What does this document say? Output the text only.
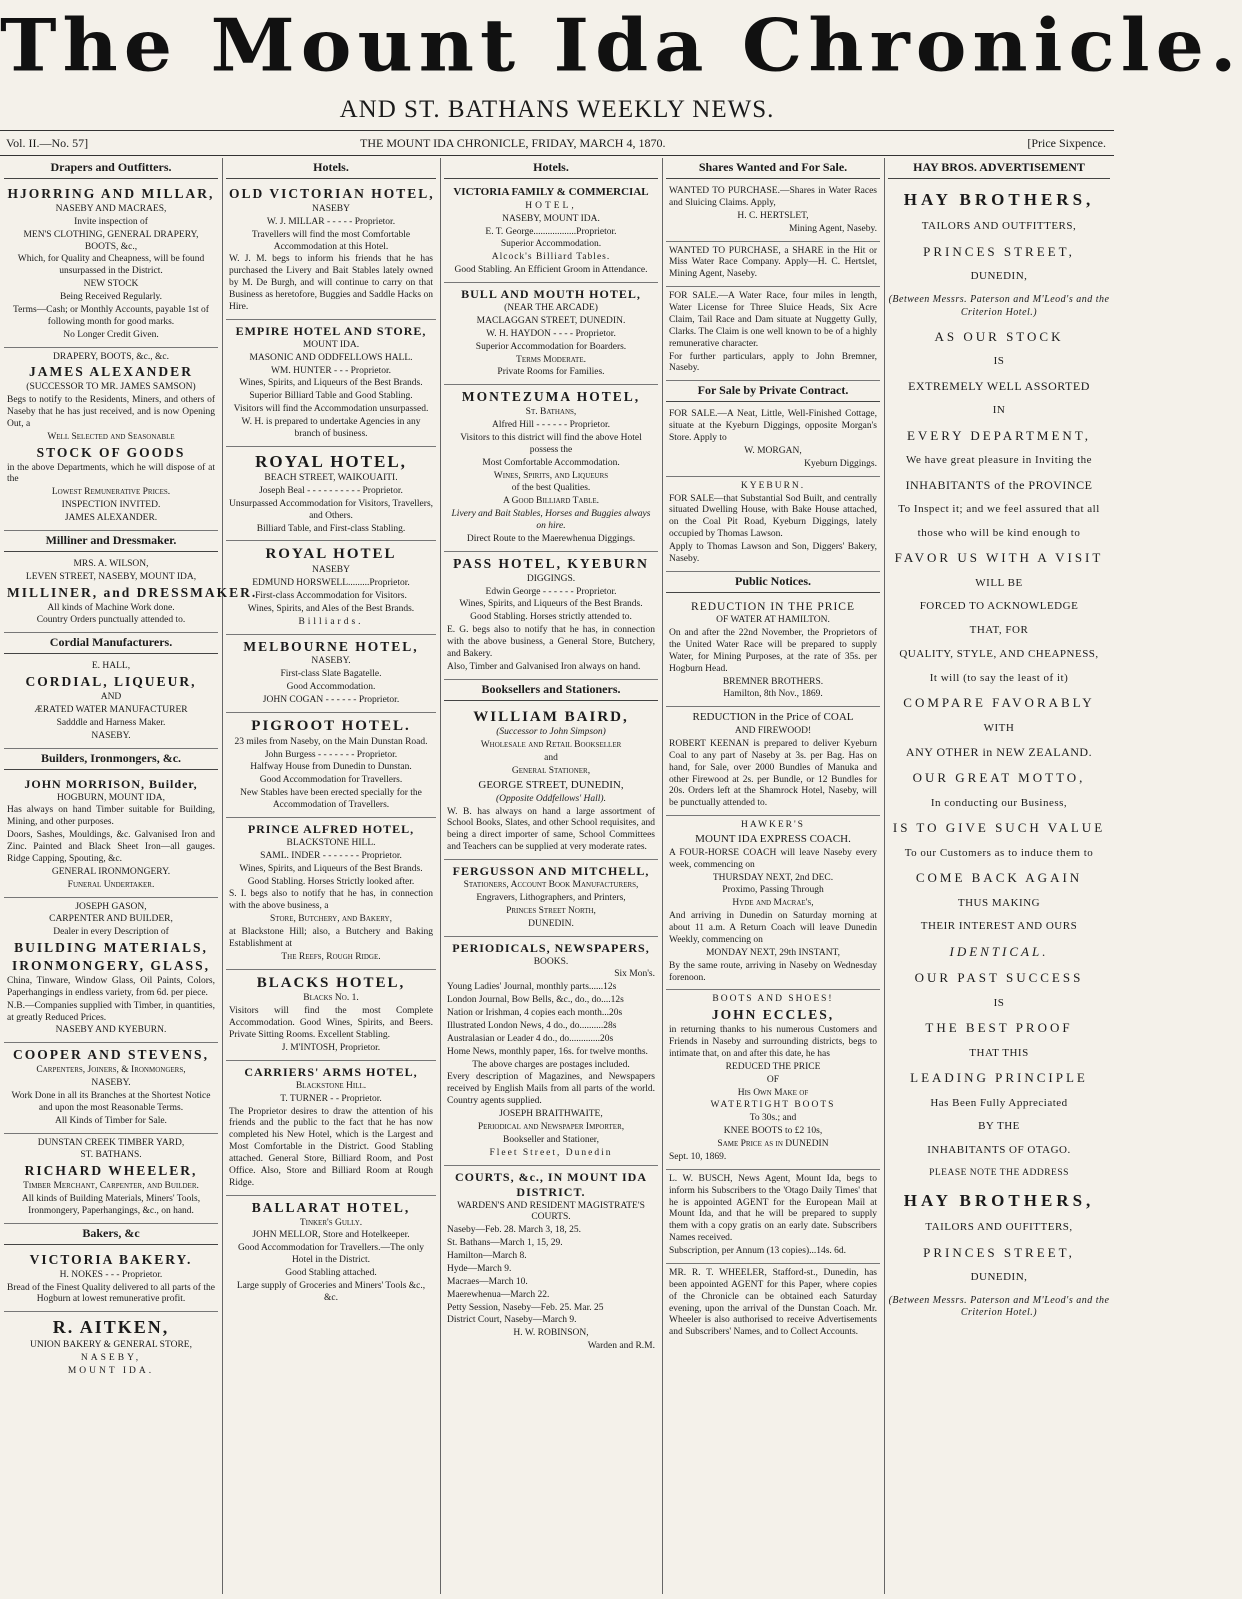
The Mount Ida Chronicle.
AND ST. BATHANS WEEKLY NEWS.
Vol. II.—No. 57]	THE MOUNT IDA CHRONICLE, FRIDAY, MARCH 4, 1870.	[Price Sixpence.
Drapers and Outfitters.

HJORRING AND MILLAR,

NASEBY AND MACRAES,

Invite inspection of

MEN'S CLOTHING, GENERAL DRAPERY, BOOTS, &c.,

Which, for Quality and Cheapness, will be found unsurpassed in the District.

NEW STOCK

Being Received Regularly.

Terms—Cash; or Monthly Accounts, payable 1st of following month for good marks.

No Longer Credit Given.

DRAPERY, BOOTS, &c., &c.

JAMES ALEXANDER

(SUCCESSOR TO MR. JAMES SAMSON)

Begs to notify to the Residents, Miners, and others of Naseby that he has just received, and is now Opening Out, a

Well Selected and Seasonable

STOCK OF GOODS

in the above Departments, which he will dispose of at the

Lowest Remunerative Prices.

INSPECTION INVITED.

JAMES ALEXANDER.

Milliner and Dressmaker.

MRS. A. WILSON,

LEVEN STREET, NASEBY, MOUNT IDA,

MILLINER, and DRESSMAKER.

All kinds of Machine Work done.

Country Orders punctually attended to.

Cordial Manufacturers.

E. HALL,

CORDIAL, LIQUEUR,

AND

ÆRATED WATER MANUFACTURER

Sadddle and Harness Maker.

NASEBY.

Builders, Ironmongers, &c.

JOHN MORRISON, Builder,

HOGBURN, MOUNT IDA,

Has always on hand Timber suitable for Building, Mining, and other purposes.

Doors, Sashes, Mouldings, &c. Galvanised Iron and Zinc. Painted and Black Sheet Iron—all gauges. Ridge Capping, Spouting, &c.

GENERAL IRONMONGERY.

Funeral Undertaker.

JOSEPH GASON,

CARPENTER AND BUILDER,

Dealer in every Description of

BUILDING MATERIALS,

IRONMONGERY, GLASS,

China, Tinware, Window Glass, Oil Paints, Colors, Paperhangings in endless variety, from 6d. per piece.

N.B.—Companies supplied with Timber, in quantities, at greatly Reduced Prices.

NASEBY AND KYEBURN.

COOPER AND STEVENS,

Carpenters, Joiners, & Ironmongers,

NASEBY.

Work Done in all its Branches at the Shortest Notice and upon the most Reasonable Terms.

All Kinds of Timber for Sale.

DUNSTAN CREEK TIMBER YARD,

ST. BATHANS.

RICHARD WHEELER,

Timber Merchant, Carpenter, and Builder.

All kinds of Building Materials, Miners' Tools, Ironmongery, Paperhangings, &c., on hand.

Bakers, &c

VICTORIA BAKERY.

H. NOKES - - - Proprietor.

Bread of the Finest Quality delivered to all parts of the Hogburn at lowest remunerative profit.

R. AITKEN,

UNION BAKERY & GENERAL STORE,

NASEBY,

MOUNT IDA.

Hotels.

OLD VICTORIAN HOTEL,

NASEBY

W. J. MILLAR - - - - - Proprietor.

Travellers will find the most Comfortable Accommodation at this Hotel.

W. J. M. begs to inform his friends that he has purchased the Livery and Bait Stables lately owned by M. De Burgh, and will continue to carry on that Business as heretofore, Buggies and Saddle Hacks on Hire.

EMPIRE HOTEL AND STORE,

MOUNT IDA.

MASONIC AND ODDFELLOWS HALL.

WM. HUNTER - - - Proprietor.

Wines, Spirits, and Liqueurs of the Best Brands.

Superior Billiard Table and Good Stabling.

Visitors will find the Accommodation unsurpassed.

W. H. is prepared to undertake Agencies in any branch of business.

ROYAL HOTEL,

BEACH STREET, WAIKOUAITI.

Joseph Beal - - - - - - - - - - Proprietor.

Unsurpassed Accommodation for Visitors, Travellers, and Others.

Billiard Table, and First-class Stabling.

ROYAL HOTEL

NASEBY

EDMUND HORSWELL.........Proprietor.

First-class Accommodation for Visitors.

Wines, Spirits, and Ales of the Best Brands.

Billiards.

MELBOURNE HOTEL,

NASEBY.

First-class Slate Bagatelle.

Good Accommodation.

JOHN COGAN - - - - - - Proprietor.

PIGROOT HOTEL.

23 miles from Naseby, on the Main Dunstan Road.

John Burgess - - - - - - - Proprietor.

Halfway House from Dunedin to Dunstan.

Good Accommodation for Travellers.

New Stables have been erected specially for the Accommodation of Travellers.

PRINCE ALFRED HOTEL,

BLACKSTONE HILL.

SAML. INDER - - - - - - - Proprietor.

Wines, Spirits, and Liqueurs of the Best Brands.

Good Stabling. Horses Strictly looked after.

S. I. begs also to notify that he has, in connection with the above business, a

Store, Butchery, and Bakery,

at Blackstone Hill; also, a Butchery and Baking Establishment at

The Reefs, Rough Ridge.

BLACKS HOTEL,

Blacks No. 1.

Visitors will find the most Complete Accommodation. Good Wines, Spirits, and Beers. Private Sitting Rooms. Excellent Stabling.

J. M'INTOSH, Proprietor.

CARRIERS' ARMS HOTEL,

Blackstone Hill.

T. TURNER - - Proprietor.

The Proprietor desires to draw the attention of his friends and the public to the fact that he has now completed his New Hotel, which is the Largest and Most Comfortable in the District. Good Stabling attached. General Store, Billiard Room, and Post Office. Also, Store and Billiard Room at Rough Ridge.

BALLARAT HOTEL,

Tinker's Gully.

JOHN MELLOR, Store and Hotelkeeper.

Good Accommodation for Travellers.—The only Hotel in the District.

Good Stabling attached.

Large supply of Groceries and Miners' Tools &c., &c.

Hotels.

VICTORIA FAMILY & COMMERCIAL

HOTEL,

NASEBY, MOUNT IDA.

E. T. George..................Proprietor.

Superior Accommodation.

Alcock's Billiard Tables.

Good Stabling. An Efficient Groom in Attendance.

BULL AND MOUTH HOTEL,

(NEAR THE ARCADE)

MACLAGGAN STREET, DUNEDIN.

W. H. HAYDON - - - - Proprietor.

Superior Accommodation for Boarders.

Terms Moderate.

Private Rooms for Families.

MONTEZUMA HOTEL,

St. Bathans,

Alfred Hill - - - - - - Proprietor.

Visitors to this district will find the above Hotel possess the

Most Comfortable Accommodation.

Wines, Spirits, and Liqueurs

of the best Qualities.

A Good Billiard Table.

Livery and Bait Stables, Horses and Buggies always on hire.

Direct Route to the Maerewhenua Diggings.

PASS HOTEL, KYEBURN

DIGGINGS.

Edwin George - - - - - - Proprietor.

Wines, Spirits, and Liqueurs of the Best Brands.

Good Stabling. Horses strictly attended to.

E. G. begs also to notify that he has, in connection with the above business, a General Store, Butchery, and Bakery.

Also, Timber and Galvanised Iron always on hand.

Booksellers and Stationers.

WILLIAM BAIRD,

(Successor to John Simpson)

Wholesale and Retail Bookseller

and

General Stationer,

GEORGE STREET, DUNEDIN,

(Opposite Oddfellows' Hall).

W. B. has always on hand a large assortment of School Books, Slates, and other School requisites, and being a direct importer of same, School Committees and Teachers can be supplied at very moderate rates.

FERGUSSON AND MITCHELL,

Stationers, Account Book Manufacturers,

Engravers, Lithographers, and Printers,

Princes Street North,

DUNEDIN.

PERIODICALS, NEWSPAPERS,

BOOKS.

Six Mon's.

Young Ladies' Journal, monthly parts......12s

London Journal, Bow Bells, &c., do., do....12s

Nation or Irishman, 4 copies each month...20s

Illustrated London News, 4 do., do..........28s

Australasian or Leader 4 do., do.............20s

Home News, monthly paper, 16s. for twelve months.

The above charges are postages included.

Every description of Magazines, and Newspapers received by English Mails from all parts of the world. Country agents supplied.

JOSEPH BRAITHWAITE,

Periodical and Newspaper Importer,

Bookseller and Stationer,

Fleet Street, Dunedin

COURTS, &c., IN MOUNT IDA DISTRICT.

WARDEN'S AND RESIDENT MAGISTRATE'S COURTS.

Naseby—Feb. 28. March 3, 18, 25.

St. Bathans—March 1, 15, 29.

Hamilton—March 8.

Hyde—March 9.

Macraes—March 10.

Maerewhenua—March 22.

Petty Session, Naseby—Feb. 25. Mar. 25

District Court, Naseby—March 9.

H. W. ROBINSON,

Warden and R.M.

Shares Wanted and For Sale.

WANTED TO PURCHASE.—Shares in Water Races and Sluicing Claims. Apply,

H. C. HERTSLET,

Mining Agent, Naseby.

WANTED TO PURCHASE, a SHARE in the Hit or Miss Water Race Company. Apply—H. C. Hertslet, Mining Agent, Naseby.

FOR SALE.—A Water Race, four miles in length, Water License for Three Sluice Heads, Six Acre Claim, Tail Race and Dam situate at Nuggetty Gully, Clarks. The Claim is one well known to be of a highly remunerative character.

For further particulars, apply to John Bremner, Naseby.

For Sale by Private Contract.

FOR SALE.—A Neat, Little, Well-Finished Cottage, situate at the Kyeburn Diggings, opposite Morgan's Store. Apply to

W. MORGAN,

Kyeburn Diggings.

KYEBURN.

FOR SALE—that Substantial Sod Built, and centrally situated Dwelling House, with Bake House attached, on the Coal Pit Road, Kyeburn Diggings, lately occupied by Thomas Lawson.

Apply to Thomas Lawson and Son, Diggers' Bakery, Naseby.

Public Notices.

REDUCTION IN THE PRICE

OF WATER AT HAMILTON.

On and after the 22nd November, the Proprietors of the United Water Race will be prepared to supply Water, for Mining Purposes, at the rate of 35s. per Hogburn Head.

BREMNER BROTHERS.

Hamilton, 8th Nov., 1869.

REDUCTION in the Price of COAL

AND FIREWOOD!

ROBERT KEENAN is prepared to deliver Kyeburn Coal to any part of Naseby at 3s. per Bag. Has on hand, for Sale, over 2000 Bundles of Manuka and other Firewood at 2s. per Bundle, or 12 Bundles for 20s. Orders left at the Shamrock Hotel, Naseby, will be punctually attended to.

HAWKER'S

MOUNT IDA EXPRESS COACH.

A FOUR-HORSE COACH will leave Naseby every week, commencing on

THURSDAY NEXT, 2nd DEC.

Proximo, Passing Through

Hyde and Macrae's,

And arriving in Dunedin on Saturday morning at about 11 a.m. A Return Coach will leave Dunedin Weekly, commencing on

MONDAY NEXT, 29th INSTANT,

By the same route, arriving in Naseby on Wednesday forenoon.

BOOTS AND SHOES!

JOHN ECCLES,

in returning thanks to his numerous Customers and Friends in Naseby and surrounding districts, begs to intimate that, on and after this date, he has

REDUCED THE PRICE

OF

His Own Make of

WATERTIGHT BOOTS

To 30s.; and

KNEE BOOTS to £2 10s,

Same Price as in DUNEDIN

Sept. 10, 1869.

L. W. BUSCH, News Agent, Mount Ida, begs to inform his Subscribers to the 'Otago Daily Times' that he is appointed AGENT for the European Mail at Mount Ida, and that he will be prepared to supply them with a copy gratis on an early date. Subscribers Names received.

Subscription, per Annum (13 copies)...14s. 6d.

MR. R. T. WHEELER, Stafford-st., Dunedin, has been appointed AGENT for this Paper, where copies of the Chronicle can be obtained each Saturday evening, upon the arrival of the Dunstan Coach. Mr. Wheeler is also authorised to receive Advertisements and Subscribers' Names, and to Collect Accounts.

HAY BROS. ADVERTISEMENT

HAY BROTHERS,

TAILORS AND OUTFITTERS,

PRINCES STREET,

DUNEDIN,

(Between Messrs. Paterson and M'Leod's and the Criterion Hotel.)

AS OUR STOCK

IS

EXTREMELY WELL ASSORTED

IN

EVERY DEPARTMENT,

We have great pleasure in Inviting the

INHABITANTS of the PROVINCE

To Inspect it; and we feel assured that all

those who will be kind enough to

FAVOR US WITH A VISIT

WILL BE

FORCED TO ACKNOWLEDGE

THAT, FOR

QUALITY, STYLE, AND CHEAPNESS,

It will (to say the least of it)

COMPARE FAVORABLY

WITH

ANY OTHER in NEW ZEALAND.

OUR GREAT MOTTO,

In conducting our Business,

IS TO GIVE SUCH VALUE

To our Customers as to induce them to

COME BACK AGAIN

THUS MAKING

THEIR INTEREST AND OURS

IDENTICAL.

OUR PAST SUCCESS

IS

THE BEST PROOF

THAT THIS

LEADING PRINCIPLE

Has Been Fully Appreciated

BY THE

INHABITANTS OF OTAGO.

PLEASE NOTE THE ADDRESS

HAY BROTHERS,

TAILORS AND OUFITTERS,

PRINCES STREET,

DUNEDIN,

(Between Messrs. Paterson and M'Leod's and the Criterion Hotel.)
